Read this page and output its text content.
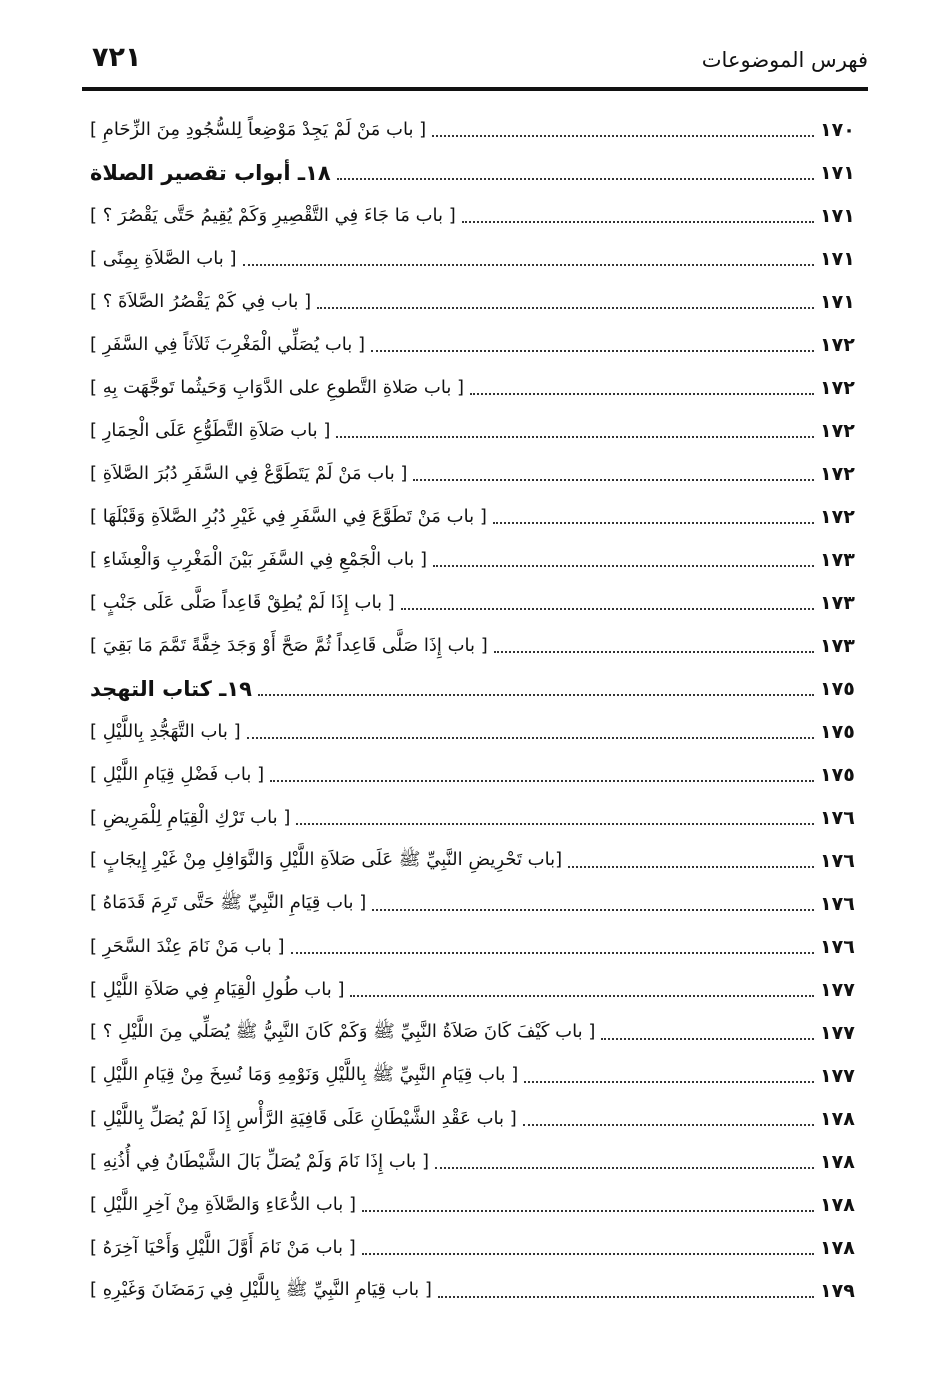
٧٢١	فهرس الموضوعات
[ باب مَنْ لَمْ يَجِدْ مَوْضِعاً لِلسُّجُودِ مِنَ الزِّحَامِ ]	١٧٠
١٨ـ أبواب تقصير الصلاة	١٧١
[ باب مَا جَاءَ فِي التَّقْصِيرِ وَكَمْ يُقِيمُ حَتَّى يَقْصُرَ ؟ ]	١٧١
[ باب الصَّلاَةِ بِمِنًى ]	١٧١
[ باب فِي كَمْ يَقْصُرُ الصَّلاَةَ ؟ ]	١٧١
[ باب يُصَلِّي الْمَغْرِبَ ثَلاَثاً فِي السَّفَرِ ]	١٧٢
[ باب صَلاةِ التَّطوعِ على الدَّوَابِ وَحَيثُما تَوجَّهَت بِهِ ]	١٧٢
[ باب صَلاَةِ التَّطَوُّعِ عَلَى الْحِمَارِ ]	١٧٢
[ باب مَنْ لَمْ يَتَطَوَّعْ فِي السَّفَرِ دُبُرَ الصَّلاَةِ ]	١٧٢
[ باب مَنْ تَطَوَّعَ فِي السَّفَرِ فِي غَيْرِ دُبُرِ الصَّلاَةِ وَقَبْلَهَا ]	١٧٢
[ باب الْجَمْعِ فِي السَّفَرِ بَيْنَ الْمَغْرِبِ وَالْعِشَاءِ ]	١٧٣
[ باب إِذَا لَمْ يُطِقْ قَاعِداً صَلَّى عَلَى جَنْبٍ ]	١٧٣
[ باب إِذَا صَلَّى قَاعِداً ثُمَّ صَحَّ أَوْ وَجَدَ خِفَّةً تَمَّمَ مَا بَقِيَ ]	١٧٣
١٩ـ كتاب التهجد	١٧٥
[ باب التَّهَجُّدِ بِاللَّيْلِ ]	١٧٥
[ باب فَضْلِ قِيَامِ اللَّيْلِ ]	١٧٥
[ باب تَرْكِ الْقِيَامِ لِلْمَرِيضِ ]	١٧٦
[باب تَحْرِيضِ النَّبِيِّ ﷺ عَلَى صَلاَةِ اللَّيْلِ وَالنَّوَافِلِ مِنْ غَيْرِ إِيجَابٍ ]	١٧٦
[ باب قِيَامِ النَّبِيِّ ﷺ حَتَّى تَرِمَ قَدَمَاهُ ]	١٧٦
[ باب مَنْ نَامَ عِنْدَ السَّحَرِ ]	١٧٦
[ باب طُولِ الْقِيَامِ فِي صَلاَةِ اللَّيْلِ ]	١٧٧
[ باب كَيْفَ كَانَ صَلاَةُ النَّبِيِّ ﷺ وَكَمْ كَانَ النَّبِيُّ ﷺ يُصَلِّي مِنَ اللَّيْلِ ؟ ]	١٧٧
[ باب قِيَامِ النَّبِيِّ ﷺ بِاللَّيْلِ وَنَوْمِهِ وَمَا نُسِخَ مِنْ قِيَامِ اللَّيْلِ ]	١٧٧
[ باب عَقْدِ الشَّيْطَانِ عَلَى قَافِيَةِ الرَّأْسِ إِذَا لَمْ يُصَلِّ بِاللَّيْلِ ]	١٧٨
[ باب إِذَا نَامَ وَلَمْ يُصَلِّ بَالَ الشَّيْطَانُ فِي أُذُنِهِ ]	١٧٨
[ باب الدُّعَاءِ وَالصَّلاَةِ مِنْ آخِرِ اللَّيْلِ ]	١٧٨
[ باب مَنْ نَامَ أَوَّلَ اللَّيْلِ وَأَحْيَا آخِرَهُ ]	١٧٨
[ باب قِيَامِ النَّبِيِّ ﷺ بِاللَّيْلِ فِي رَمَضَانَ وَغَيْرِهِ ]	١٧٩
